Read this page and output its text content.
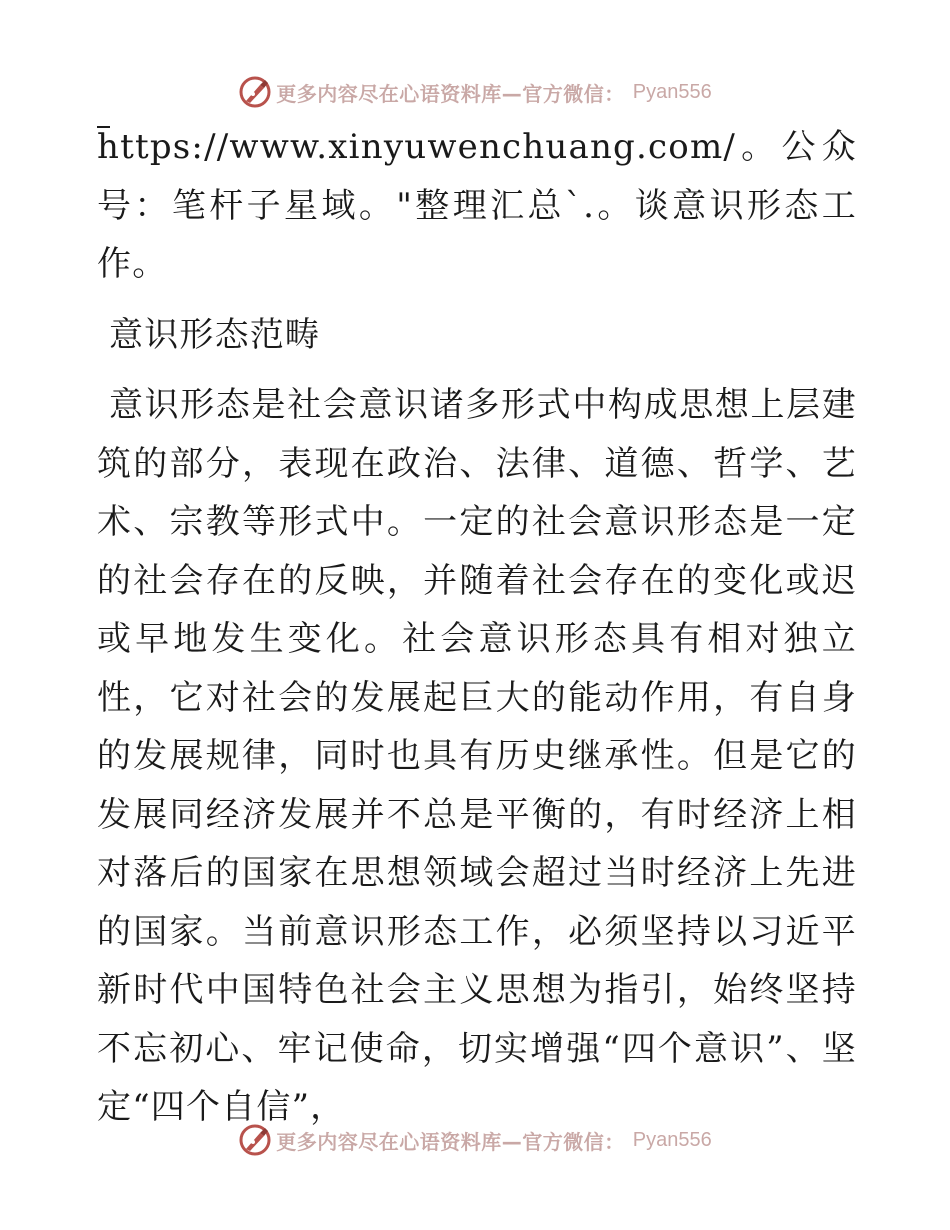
更多内容尽在心语资料库—官方微信： Pyan556

https://www.xinyuwenchuang.com/。公众号：笔杆子星域。"整理汇总`.。谈意识形态工作。

意识形态范畴

意识形态是社会意识诸多形式中构成思想上层建筑的部分，表现在政治、法律、道德、哲学、艺术、宗教等形式中。一定的社会意识形态是一定的社会存在的反映，并随着社会存在的变化或迟或早地发生变化。社会意识形态具有相对独立性，它对社会的发展起巨大的能动作用，有自身的发展规律，同时也具有历史继承性。但是它的发展同经济发展并不总是平衡的，有时经济上相对落后的国家在思想领域会超过当时经济上先进的国家。当前意识形态工作，必须坚持以习近平新时代中国特色社会主义思想为指引，始终坚持不忘初心、牢记使命，切实增强“四个意识”、坚定“四个自信”，

更多内容尽在心语资料库—官方微信： Pyan556
